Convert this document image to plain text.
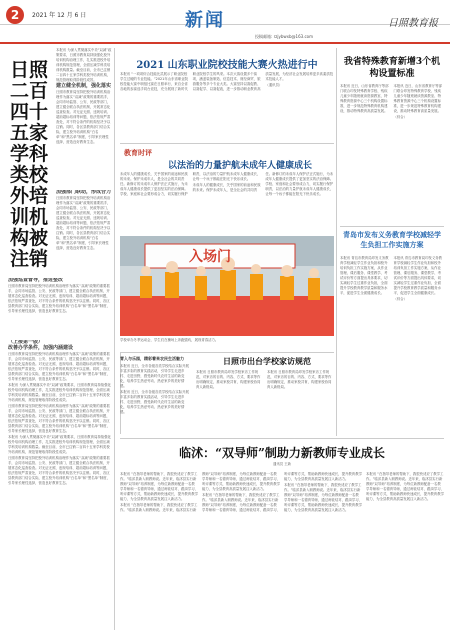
2	2021 年 12 月 6 日	新闻
投稿邮箱: rzjybwxb@163.com
日照教育报
日照二百四十五家学科类校外培训机构被注销

本报讯 为深入贯彻落实中央“双减”政策要求，日照市教育局持续强化校外培训机构治理工作，扎实推进校外培训机构规范管理，全面压减学科类培训机构数量。截至目前，全市已注销二百四十五家学科类校外培训机构，规范管理取得阶段性成效。

建立健全机制，强化落实

日照市教育局坚持把校外培训机构治理作为落实“双减”政策的重要抓手，会同市场监管、公安、民政等部门，建立健全联合执法机制，开展常态化巡查检查。对无证无照、违规培训、超前超标培训等问题，依法依规严肃查处，对不符合条件的机构坚决予以注销。同时，各区县教育部门结合实际，建立校外培训机构“白名单”和“黑名单”制度，引导家长理性选择，营造良好教育生态。

加强部门联动，形成合力

日照市教育局坚持把校外培训机构治理作为落实“双减”政策的重要抓手，会同市场监管、公安、民政等部门，建立健全联合执法机制，开展常态化巡查检查。对无证无照、违规培训、超前超标培训等问题，依法依规严肃查处，对不符合条件的机构坚决予以注销。同时，各区县教育部门结合实际，建立校外培训机构“白名单”和“黑名单”制度，引导家长理性选择，营造良好教育生态。

加强巡查督导，推进整改

日照市教育局坚持把校外培训机构治理作为落实“双减”政策的重要抓手，会同市场监管、公安、民政等部门，建立健全联合执法机制，开展常态化巡查检查。对无证无照、违规培训、超前超标培训等问题，依法依规严肃查处，对不符合条件的机构坚决予以注销。同时，各区县教育部门结合实际，建立校外培训机构“白名单”和“黑名单”制度，引导家长理性选择，营造良好教育生态。

（上接第一版）

改善办学条件，加强内涵建设

日照市教育局坚持把校外培训机构治理作为落实“双减”政策的重要抓手，会同市场监管、公安、民政等部门，建立健全联合执法机制，开展常态化巡查检查。对无证无照、违规培训、超前超标培训等问题，依法依规严肃查处，对不符合条件的机构坚决予以注销。同时，各区县教育部门结合实际，建立校外培训机构“白名单”和“黑名单”制度，引导家长理性选择，营造良好教育生态。

本报讯 为深入贯彻落实中央“双减”政策要求，日照市教育局持续强化校外培训机构治理工作，扎实推进校外培训机构规范管理，全面压减学科类培训机构数量。截至目前，全市已注销二百四十五家学科类校外培训机构，规范管理取得阶段性成效。

日照市教育局坚持把校外培训机构治理作为落实“双减”政策的重要抓手，会同市场监管、公安、民政等部门，建立健全联合执法机制，开展常态化巡查检查。对无证无照、违规培训、超前超标培训等问题，依法依规严肃查处，对不符合条件的机构坚决予以注销。同时，各区县教育部门结合实际，建立校外培训机构“白名单”和“黑名单”制度，引导家长理性选择，营造良好教育生态。

本报讯 为深入贯彻落实中央“双减”政策要求，日照市教育局持续强化校外培训机构治理工作，扎实推进校外培训机构规范管理，全面压减学科类培训机构数量。截至目前，全市已注销二百四十五家学科类校外培训机构，规范管理取得阶段性成效。

日照市教育局坚持把校外培训机构治理作为落实“双减”政策的重要抓手，会同市场监管、公安、民政等部门，建立健全联合执法机制，开展常态化巡查检查。对无证无照、违规培训、超前超标培训等问题，依法依规严肃查处，对不符合条件的机构坚决予以注销。同时，各区县教育部门结合实际，建立校外培训机构“白名单”和“黑名单”制度，引导家长理性选择，营造良好教育生态。

2021 山东职业院校技能大赛火热进行中

本报讯 “一项项综合技能比武展示了职业院校学生过硬的专业技能。”2021年山东省职业院校技能大赛中职组比赛在日照举行，来自全省各地的参赛选手同台竞技，充分展现了新时代职业院校学生的风采。本次大赛设置多个赛项，涵盖装备制造、信息技术、财经商贸、旅游服务等多个专业大类。大赛坚持以赛促教、以赛促学、以赛促改，进一步推动职业教育高质量发展，为经济社会发展培养更多高素质技术技能人才。

（通讯员）

教育时评
以法治的力量护航未成年人健康成长

未成年人的健康成长，关乎国家的前途和民族的未来。保护未成年人，是全社会的共同责任。新修订的未成年人保护法正式施行，为未成年人健康成长提供了更加坚实的法治保障。学校、家庭和社会要形成合力，切实履行保护职责，以法治的力量护航未成年人健康成长，让每一个孩子都能在阳光下快乐成长。

未成年人的健康成长，关乎国家的前途和民族的未来。保护未成年人，是全社会的共同责任。新修订的未成年人保护法正式施行，为未成年人健康成长提供了更加坚实的法治保障。学校、家庭和社会要形成合力，切实履行保护职责，以法治的力量护航未成年人健康成长，让每一个孩子都能在阳光下快乐成长。

入场门
学校举办冬季运动会，学生们在操场上奔跑嬉戏，展现青春活力。
青入与乐园，精彩着来农民生活魅力

本报讯 近日，全市各级各类学校结合实际开展丰富多彩的教育实践活动，引导学生走进乡村、走进田野，感受新时代农村生活的新变化，培养学生热爱劳动、热爱家乡的美好情感。

本报讯 近日，全市各级各类学校结合实际开展丰富多彩的教育实践活动，引导学生走进乡村、走进田野，感受新时代农村生活的新变化，培养学生热爱劳动、热爱家乡的美好情感。

日照市出台学校家访规范

本报讯 日照市教育局印发学校家访工作规范，对家访的目的、内容、方式、要求等作出明确规定，推动家校共育，构建家校协同育人新格局。

本报讯 日照市教育局印发学校家访工作规范，对家访的目的、内容、方式、要求等作出明确规定，推动家校共育，构建家校协同育人新格局。

我省特殊教育新增3个机构设置标准

本报讯 近日，山东省教育厅等部门联合印发特殊教育学校、残疾儿童少年随班就读资源教室、特殊教育资源中心三个机构设置标准，进一步规范特殊教育机构建设，推动特殊教育高质量发展。

本报讯 近日，山东省教育厅等部门联合印发特殊教育学校、残疾儿童少年随班就读资源教室、特殊教育资源中心三个机构设置标准，进一步规范特殊教育机构建设，推动特殊教育高质量发展。

（综合）

青岛市发布义务教育学校减轻学生负担工作实施方案

本报讯 青岛市教育局印发义务教育学校减轻学生作业负担和校外培训负担工作实施方案，从作业管理、课后服务、课堂教学、考试评价等方面提出具体要求，切实减轻学生过重作业负担，全面提升学校教育教学质量和服务水平，促进学生全面健康成长。

本报讯 青岛市教育局印发义务教育学校减轻学生作业负担和校外培训负担工作实施方案，从作业管理、课后服务、课堂教学、考试评价等方面提出具体要求，切实减轻学生过重作业负担，全面提升学校教育教学质量和服务水平，促进学生全面健康成长。

（综合）

临沭：“双导师”制助力新教师专业成长
通讯员 王新

本报讯 “在指导老师的帮助下，我很快适应了教学工作。”临沭县新入职教师说。近年来，临沭县实行新教师“双导师”培养制度，为每位新教师配备一名教学导师和一名德育导师，通过师徒结对、跟岗学习、听评课等方式，帮助新教师快速成长，提升教育教学能力，为全县教育高质量发展注入新活力。

本报讯 “在指导老师的帮助下，我很快适应了教学工作。”临沭县新入职教师说。近年来，临沭县实行新教师“双导师”培养制度，为每位新教师配备一名教学导师和一名德育导师，通过师徒结对、跟岗学习、听评课等方式，帮助新教师快速成长，提升教育教学能力，为全县教育高质量发展注入新活力。

本报讯 “在指导老师的帮助下，我很快适应了教学工作。”临沭县新入职教师说。近年来，临沭县实行新教师“双导师”培养制度，为每位新教师配备一名教学导师和一名德育导师，通过师徒结对、跟岗学习、听评课等方式，帮助新教师快速成长，提升教育教学能力，为全县教育高质量发展注入新活力。

本报讯 “在指导老师的帮助下，我很快适应了教学工作。”临沭县新入职教师说。近年来，临沭县实行新教师“双导师”培养制度，为每位新教师配备一名教学导师和一名德育导师，通过师徒结对、跟岗学习、听评课等方式，帮助新教师快速成长，提升教育教学能力，为全县教育高质量发展注入新活力。

本报讯 “在指导老师的帮助下，我很快适应了教学工作。”临沭县新入职教师说。近年来，临沭县实行新教师“双导师”培养制度，为每位新教师配备一名教学导师和一名德育导师，通过师徒结对、跟岗学习、听评课等方式，帮助新教师快速成长，提升教育教学能力，为全县教育高质量发展注入新活力。
